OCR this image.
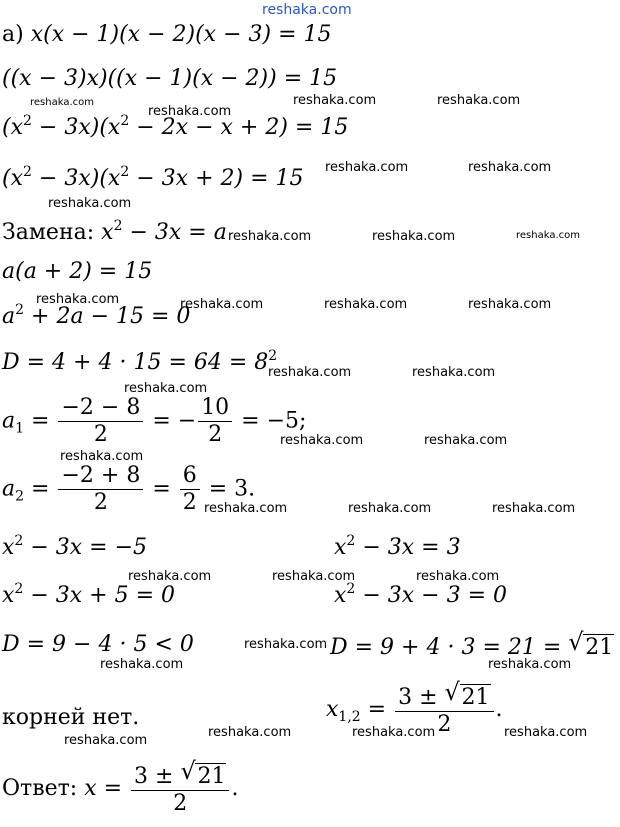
reshaka.com
а) x(x − 1)(x − 2)(x − 3) = 15
((x − 3)x)((x − 1)(x − 2)) = 15
$(x^2 - 3x)(x^2 - 2x - x + 2) = 15$
$(x^2 - 3x)(x^2 - 3x + 2) = 15$
Замена: $x^2 - 3x = a$
a(a + 2) = 15
$a^2 + 2a - 15 = 0$
$D = 4 + 4 \cdot 15 = 64 = 8^2$
$a_1 = \frac{-2 - 8}{2}$ = − $\frac{10}{2} = -5$;
$a_2 = \frac{-2 + 8}{2} = \frac{6}{2} = 3$.
$x^2 - 3x = -5$	$x^2 - 3x = 3$
$x^2 - 3x + 5 = 0$	$x^2 - 3x - 3 = 0$
D = 9 − 4 · 5 < 0	D = 9 + 4 · 3 = 21 = √ 21
корней нет.	$x_{1,2} = \frac{3 \pm √ 21}{2}$ .
Ответ: $x = \frac{3 \pm √ 21}{2}$ .
reshaka.com
reshaka.com
reshaka.com	reshaka.com
reshaka.com	reshaka.com
reshaka.com
reshaka.com	reshaka.com	reshaka.com
reshaka.com	reshaka.com	reshaka.com	reshaka.com
reshaka.com	reshaka.com
reshaka.com
reshaka.com	reshaka.com
reshaka.com
reshaka.com	reshaka.com	reshaka.com
reshaka.com	reshaka.com	reshaka.com
reshaka.com
reshaka.com	reshaka.com
reshaka.com	reshaka.com	reshaka.com
reshaka.com
